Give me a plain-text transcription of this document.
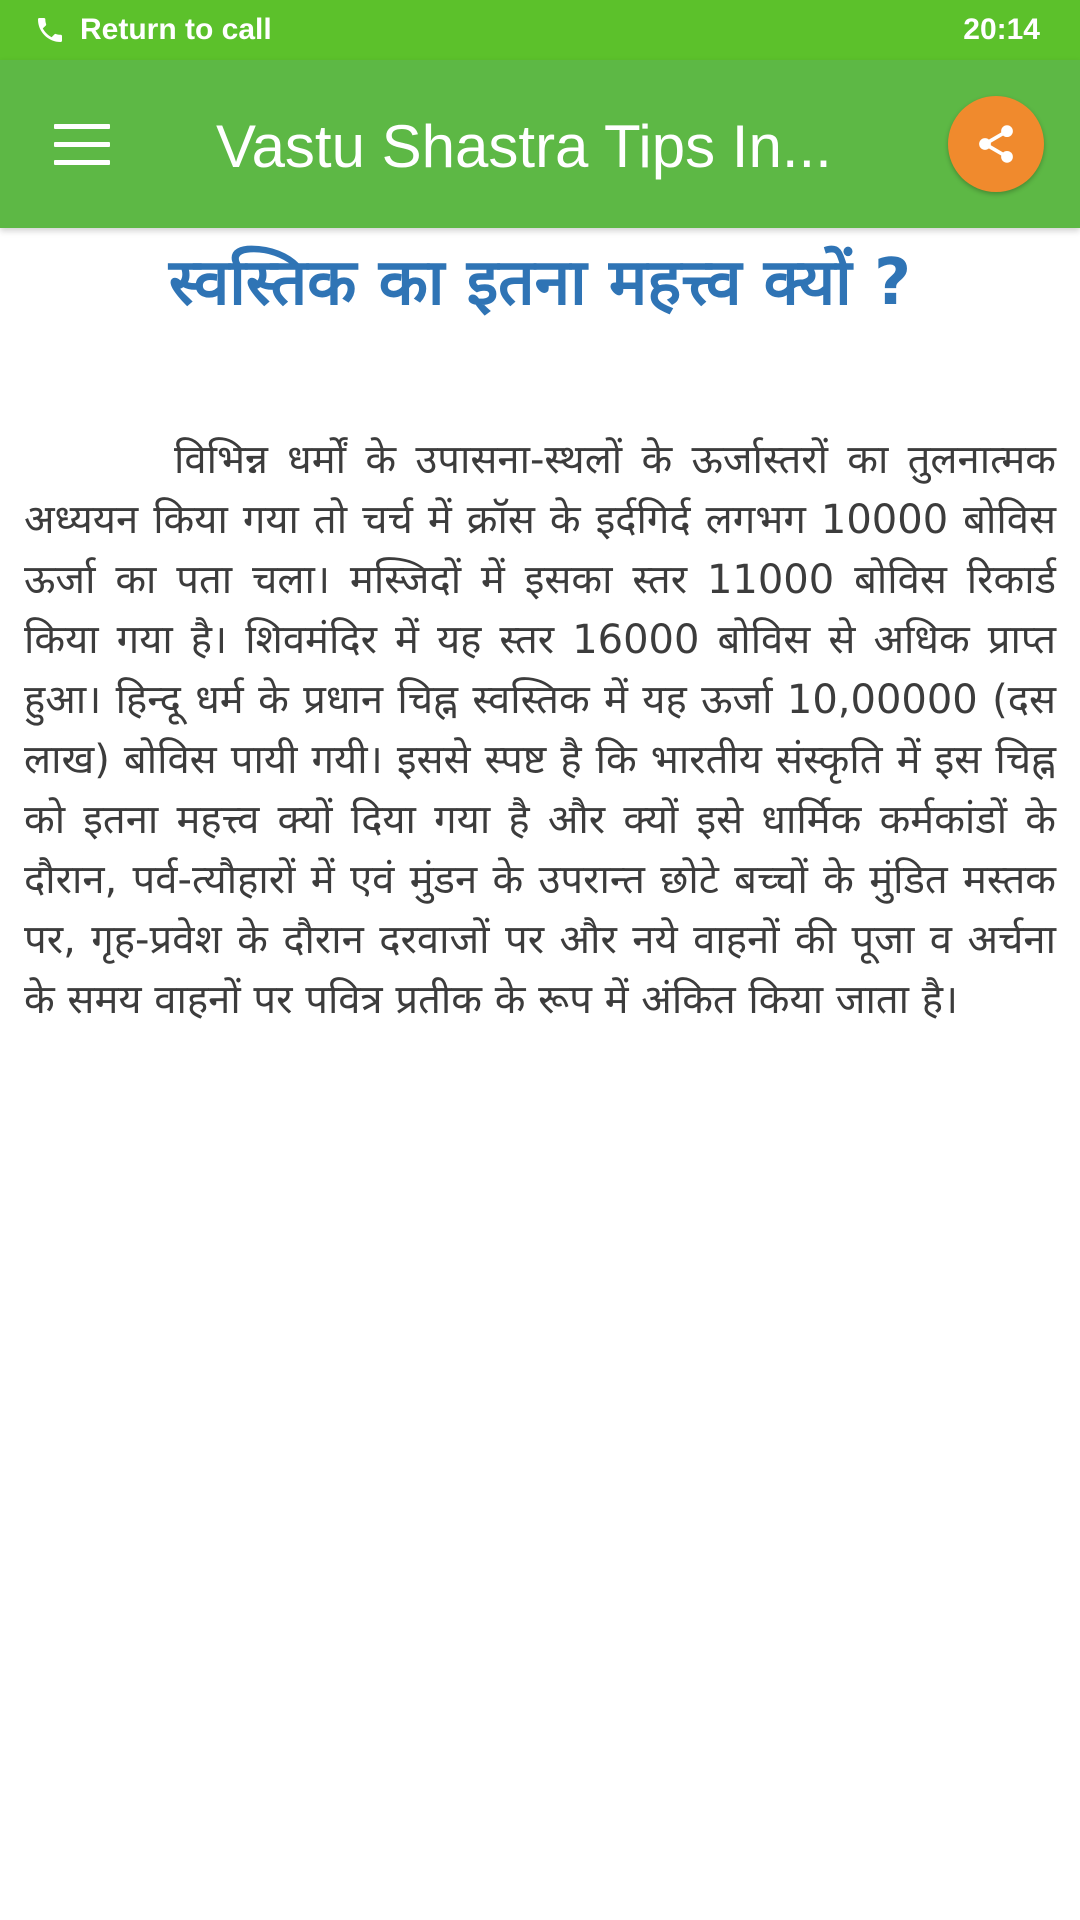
Return to call	20:14
Vastu Shastra Tips In...
स्वस्तिक का इतना महत्त्व क्यों ?

विभिन्न धर्मों के उपासना-स्थलों के ऊर्जास्तरों का तुलनात्मक अध्ययन किया गया तो चर्च में क्रॉस के इर्दगिर्द लगभग 10000 बोविस ऊर्जा का पता चला। मस्जिदों में इसका स्तर 11000 बोविस रिकार्ड किया गया है। शिवमंदिर में यह स्तर 16000 बोविस से अधिक प्राप्त हुआ। हिन्दू धर्म के प्रधान चिह्न स्वस्तिक में यह ऊर्जा 10,00000 (दस लाख) बोविस पायी गयी। इससे स्पष्ट है कि भारतीय संस्कृति में इस चिह्न को इतना महत्त्व क्यों दिया गया है और क्यों इसे धार्मिक कर्मकांडों के दौरान, पर्व-त्यौहारों में एवं मुंडन के उपरान्त छोटे बच्चों के मुंडित मस्तक पर, गृह-प्रवेश के दौरान दरवाजों पर और नये वाहनों की पूजा व अर्चना के समय वाहनों पर पवित्र प्रतीक के रूप में अंकित किया जाता है।
